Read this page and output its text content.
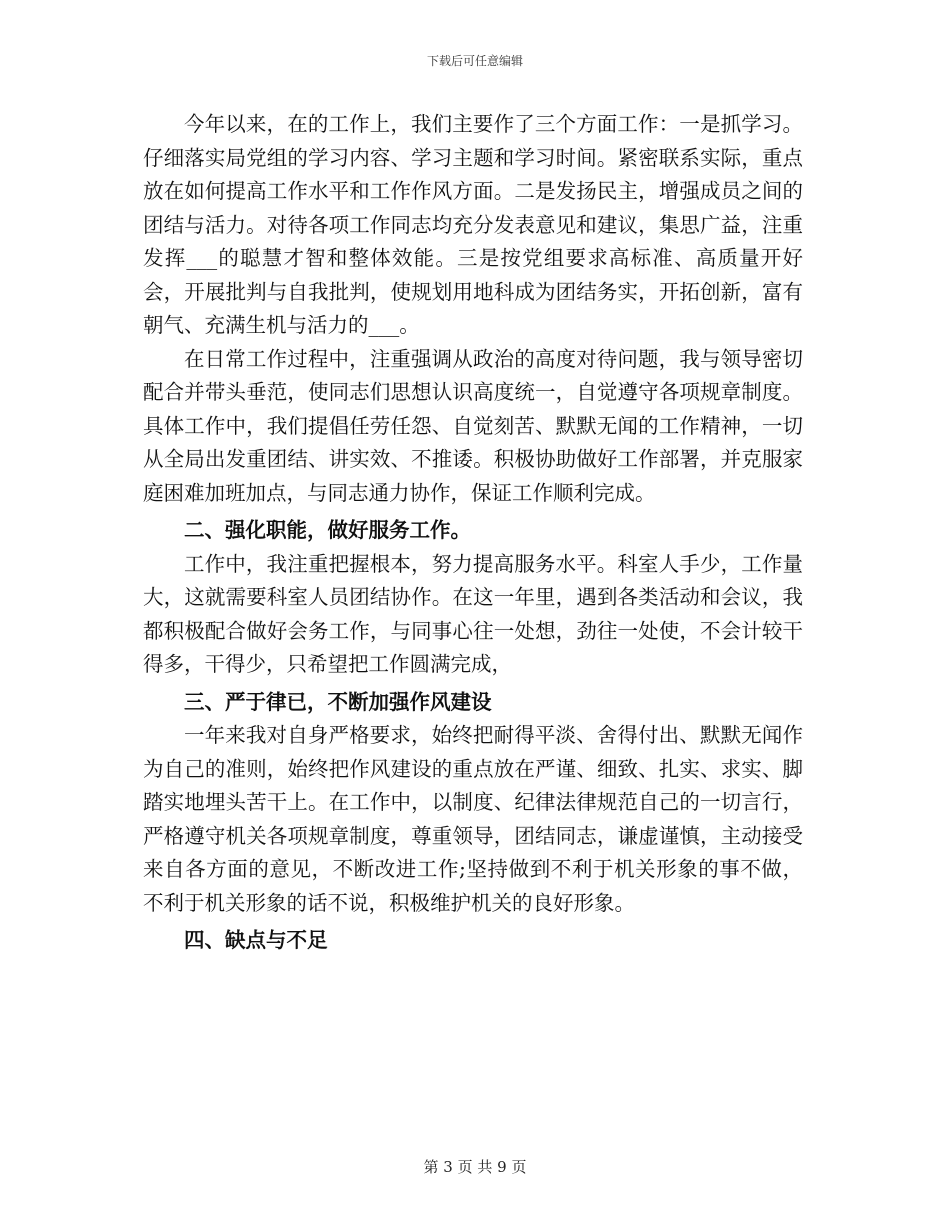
下载后可任意编辑

今年以来，在的工作上，我们主要作了三个方面工作：一是抓学习。仔细落实局党组的学习内容、学习主题和学习时间。紧密联系实际，重点放在如何提高工作水平和工作作风方面。二是发扬民主，增强成员之间的团结与活力。对待各项工作同志均充分发表意见和建议，集思广益，注重发挥___的聪慧才智和整体效能。三是按党组要求高标准、高质量开好会，开展批判与自我批判，使规划用地科成为团结务实，开拓创新，富有朝气、充满生机与活力的___。

在日常工作过程中，注重强调从政治的高度对待问题，我与领导密切配合并带头垂范，使同志们思想认识高度统一，自觉遵守各项规章制度。具体工作中，我们提倡任劳任怨、自觉刻苦、默默无闻的工作精神，一切从全局出发重团结、讲实效、不推诿。积极协助做好工作部署，并克服家庭困难加班加点，与同志通力协作，保证工作顺利完成。

二、强化职能，做好服务工作。

工作中，我注重把握根本，努力提高服务水平。科室人手少，工作量大，这就需要科室人员团结协作。在这一年里，遇到各类活动和会议，我都积极配合做好会务工作，与同事心往一处想，劲往一处使，不会计较干得多，干得少，只希望把工作圆满完成，

三、严于律已，不断加强作风建设

一年来我对自身严格要求，始终把耐得平淡、舍得付出、默默无闻作为自己的准则，始终把作风建设的重点放在严谨、细致、扎实、求实、脚踏实地埋头苦干上。在工作中，以制度、纪律法律规范自己的一切言行，严格遵守机关各项规章制度，尊重领导，团结同志，谦虚谨慎，主动接受来自各方面的意见，不断改进工作;坚持做到不利于机关形象的事不做，不利于机关形象的话不说，积极维护机关的良好形象。

四、缺点与不足

第 3 页 共 9 页
